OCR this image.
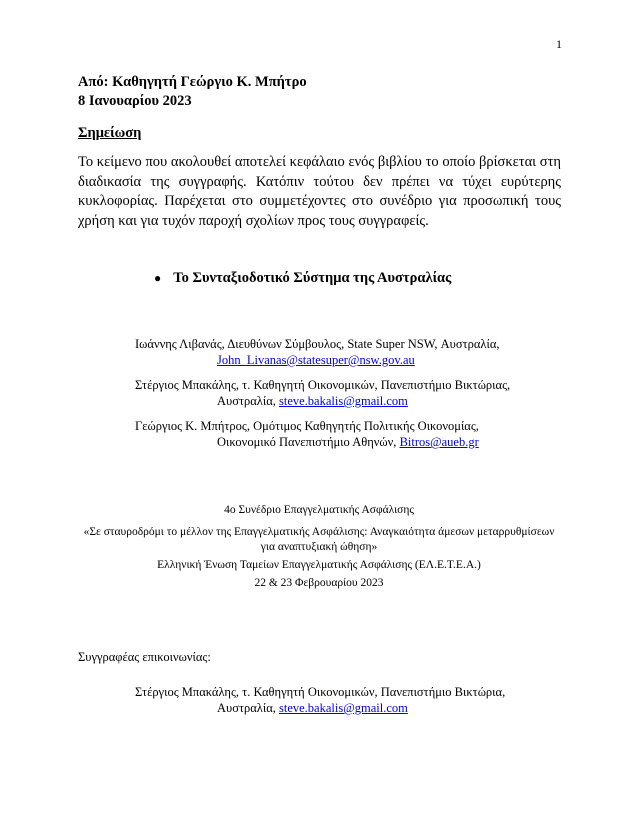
1
Από: Καθηγητή Γεώργιο Κ. Μπήτρο
8 Ιανουαρίου 2023
Σημείωση
Το κείμενο που ακολουθεί αποτελεί κεφάλαιο ενός βιβλίου το οποίο βρίσκεται στη διαδικασία της συγγραφής. Κατόπιν τούτου δεν πρέπει να τύχει ευρύτερης κυκλοφορίας. Παρέχεται στο συμμετέχοντες στο συνέδριο για προσωπική τους χρήση και για τυχόν παροχή σχολίων προς τους συγγραφείς.
● Το Συνταξιοδοτικό Σύστημα της Αυστραλίας
Ιωάννης Λιβανάς, Διευθύνων Σύμβουλος, State Super NSW, Αυστραλία,
John_Livanas@statesuper@nsw.gov.au
Στέργιος Μπακάλης, τ. Καθηγητή Οικονομικών, Πανεπιστήμιο Βικτώριας,
Αυστραλία, steve.bakalis@gmail.com
Γεώργιος Κ. Μπήτρος, Ομότιμος Καθηγητής Πολιτικής Οικονομίας,
Οικονομικό Πανεπιστήμιο Αθηνών, Bitros@aueb.gr
4ο Συνέδριο Επαγγελματικής Ασφάλισης
«Σε σταυροδρόμι το μέλλον της Επαγγελματικής Ασφάλισης: Αναγκαιότητα άμεσων μεταρρυθμίσεων
για αναπτυξιακή ώθηση»
Ελληνική Ένωση Ταμείων Επαγγελματικής Ασφάλισης (ΕΛ.Ε.Τ.Ε.Α.)
22 & 23 Φεβρουαρίου 2023
Συγγραφέας επικοινωνίας:
Στέργιος Μπακάλης, τ. Καθηγητή Οικονομικών, Πανεπιστήμιο Βικτώρια,
Αυστραλία, steve.bakalis@gmail.com
